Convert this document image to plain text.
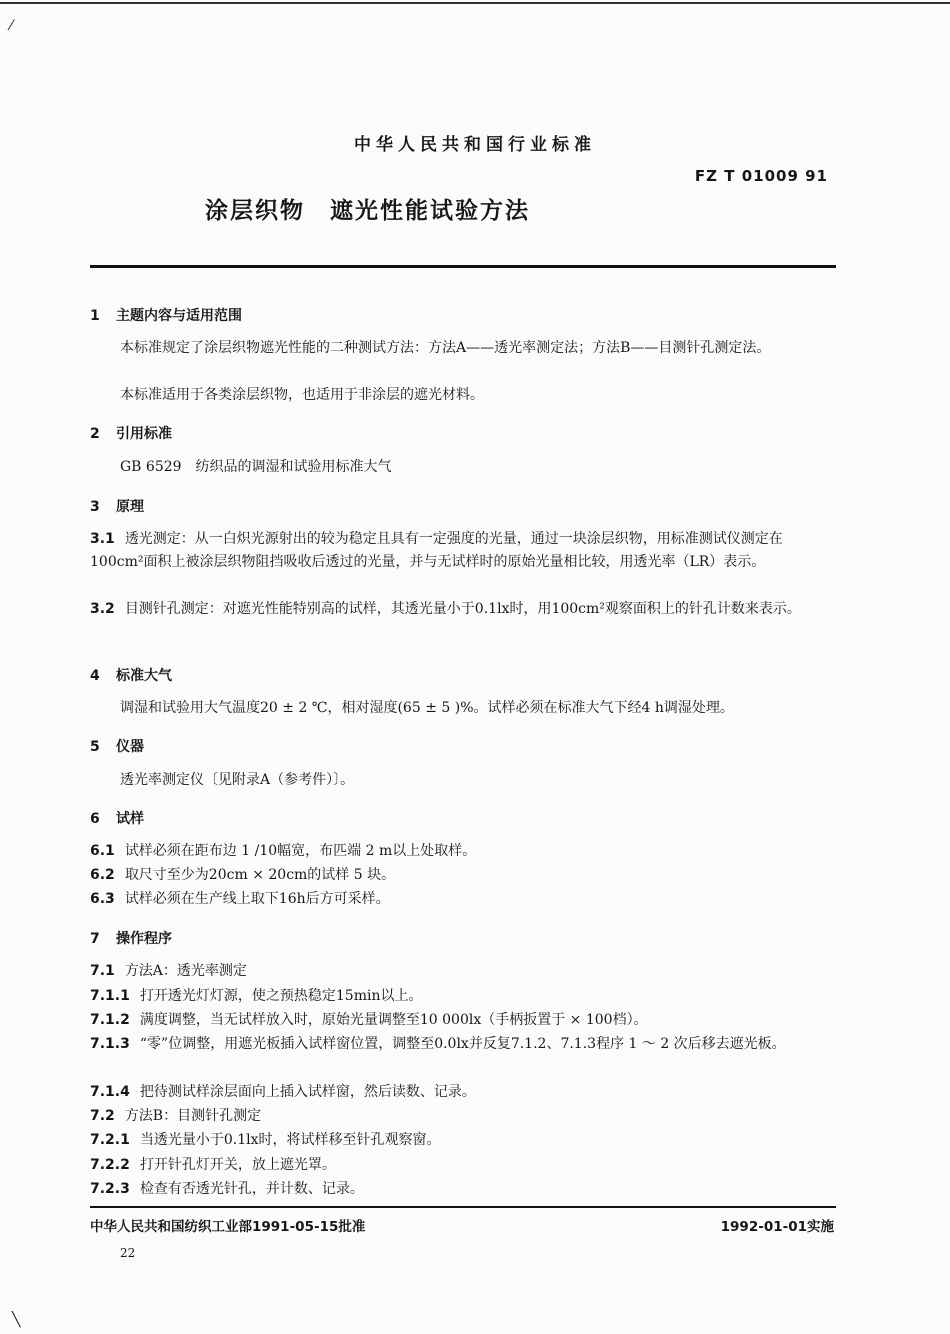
⁄
╲
中华人民共和国行业标准
FZ T 01009 91
涂层织物　遮光性能试验方法
1 主题内容与适用范围
本标准规定了涂层织物遮光性能的二种测试方法：方法A——透光率测定法；方法B——目测针孔测定法。
本标准适用于各类涂层织物，也适用于非涂层的遮光材料。
2 引用标准
GB 6529　纺织品的调湿和试验用标准大气
3 原理
3.1 透光测定：从一白炽光源射出的较为稳定且具有一定强度的光量，通过一块涂层织物，用标准测试仪测定在100cm²面积上被涂层织物阻挡吸收后透过的光量，并与无试样时的原始光量相比较，用透光率（LR）表示。
3.2 目测针孔测定：对遮光性能特别高的试样，其透光量小于0.1lx时，用100cm²观察面积上的针孔计数来表示。
4 标准大气
调湿和试验用大气温度20 ± 2 ℃，相对湿度(65 ± 5 )%。试样必须在标准大气下经4 h调湿处理。
5 仪器
透光率测定仪〔见附录A（参考件）〕。
6 试样
6.1 试样必须在距布边 1 /10幅宽，布匹端 2 m以上处取样。
6.2 取尺寸至少为20cm × 20cm的试样 5 块。
6.3 试样必须在生产线上取下16h后方可采样。
7 操作程序
7.1 方法A：透光率测定
7.1.1 打开透光灯灯源，使之预热稳定15min以上。
7.1.2 满度调整，当无试样放入时，原始光量调整至10 000lx（手柄扳置于 × 100档）。
7.1.3 “零”位调整，用遮光板插入试样窗位置，调整至0.0lx并反复7.1.2、7.1.3程序 1 ～ 2 次后移去遮光板。
7.1.4 把待测试样涂层面向上插入试样窗，然后读数、记录。
7.2 方法B：目测针孔测定
7.2.1 当透光量小于0.1lx时，将试样移至针孔观察窗。
7.2.2 打开针孔灯开关，放上遮光罩。
7.2.3 检查有否透光针孔，并计数、记录。
中华人民共和国纺织工业部1991-05-15批准	1992-01-01实施
22
